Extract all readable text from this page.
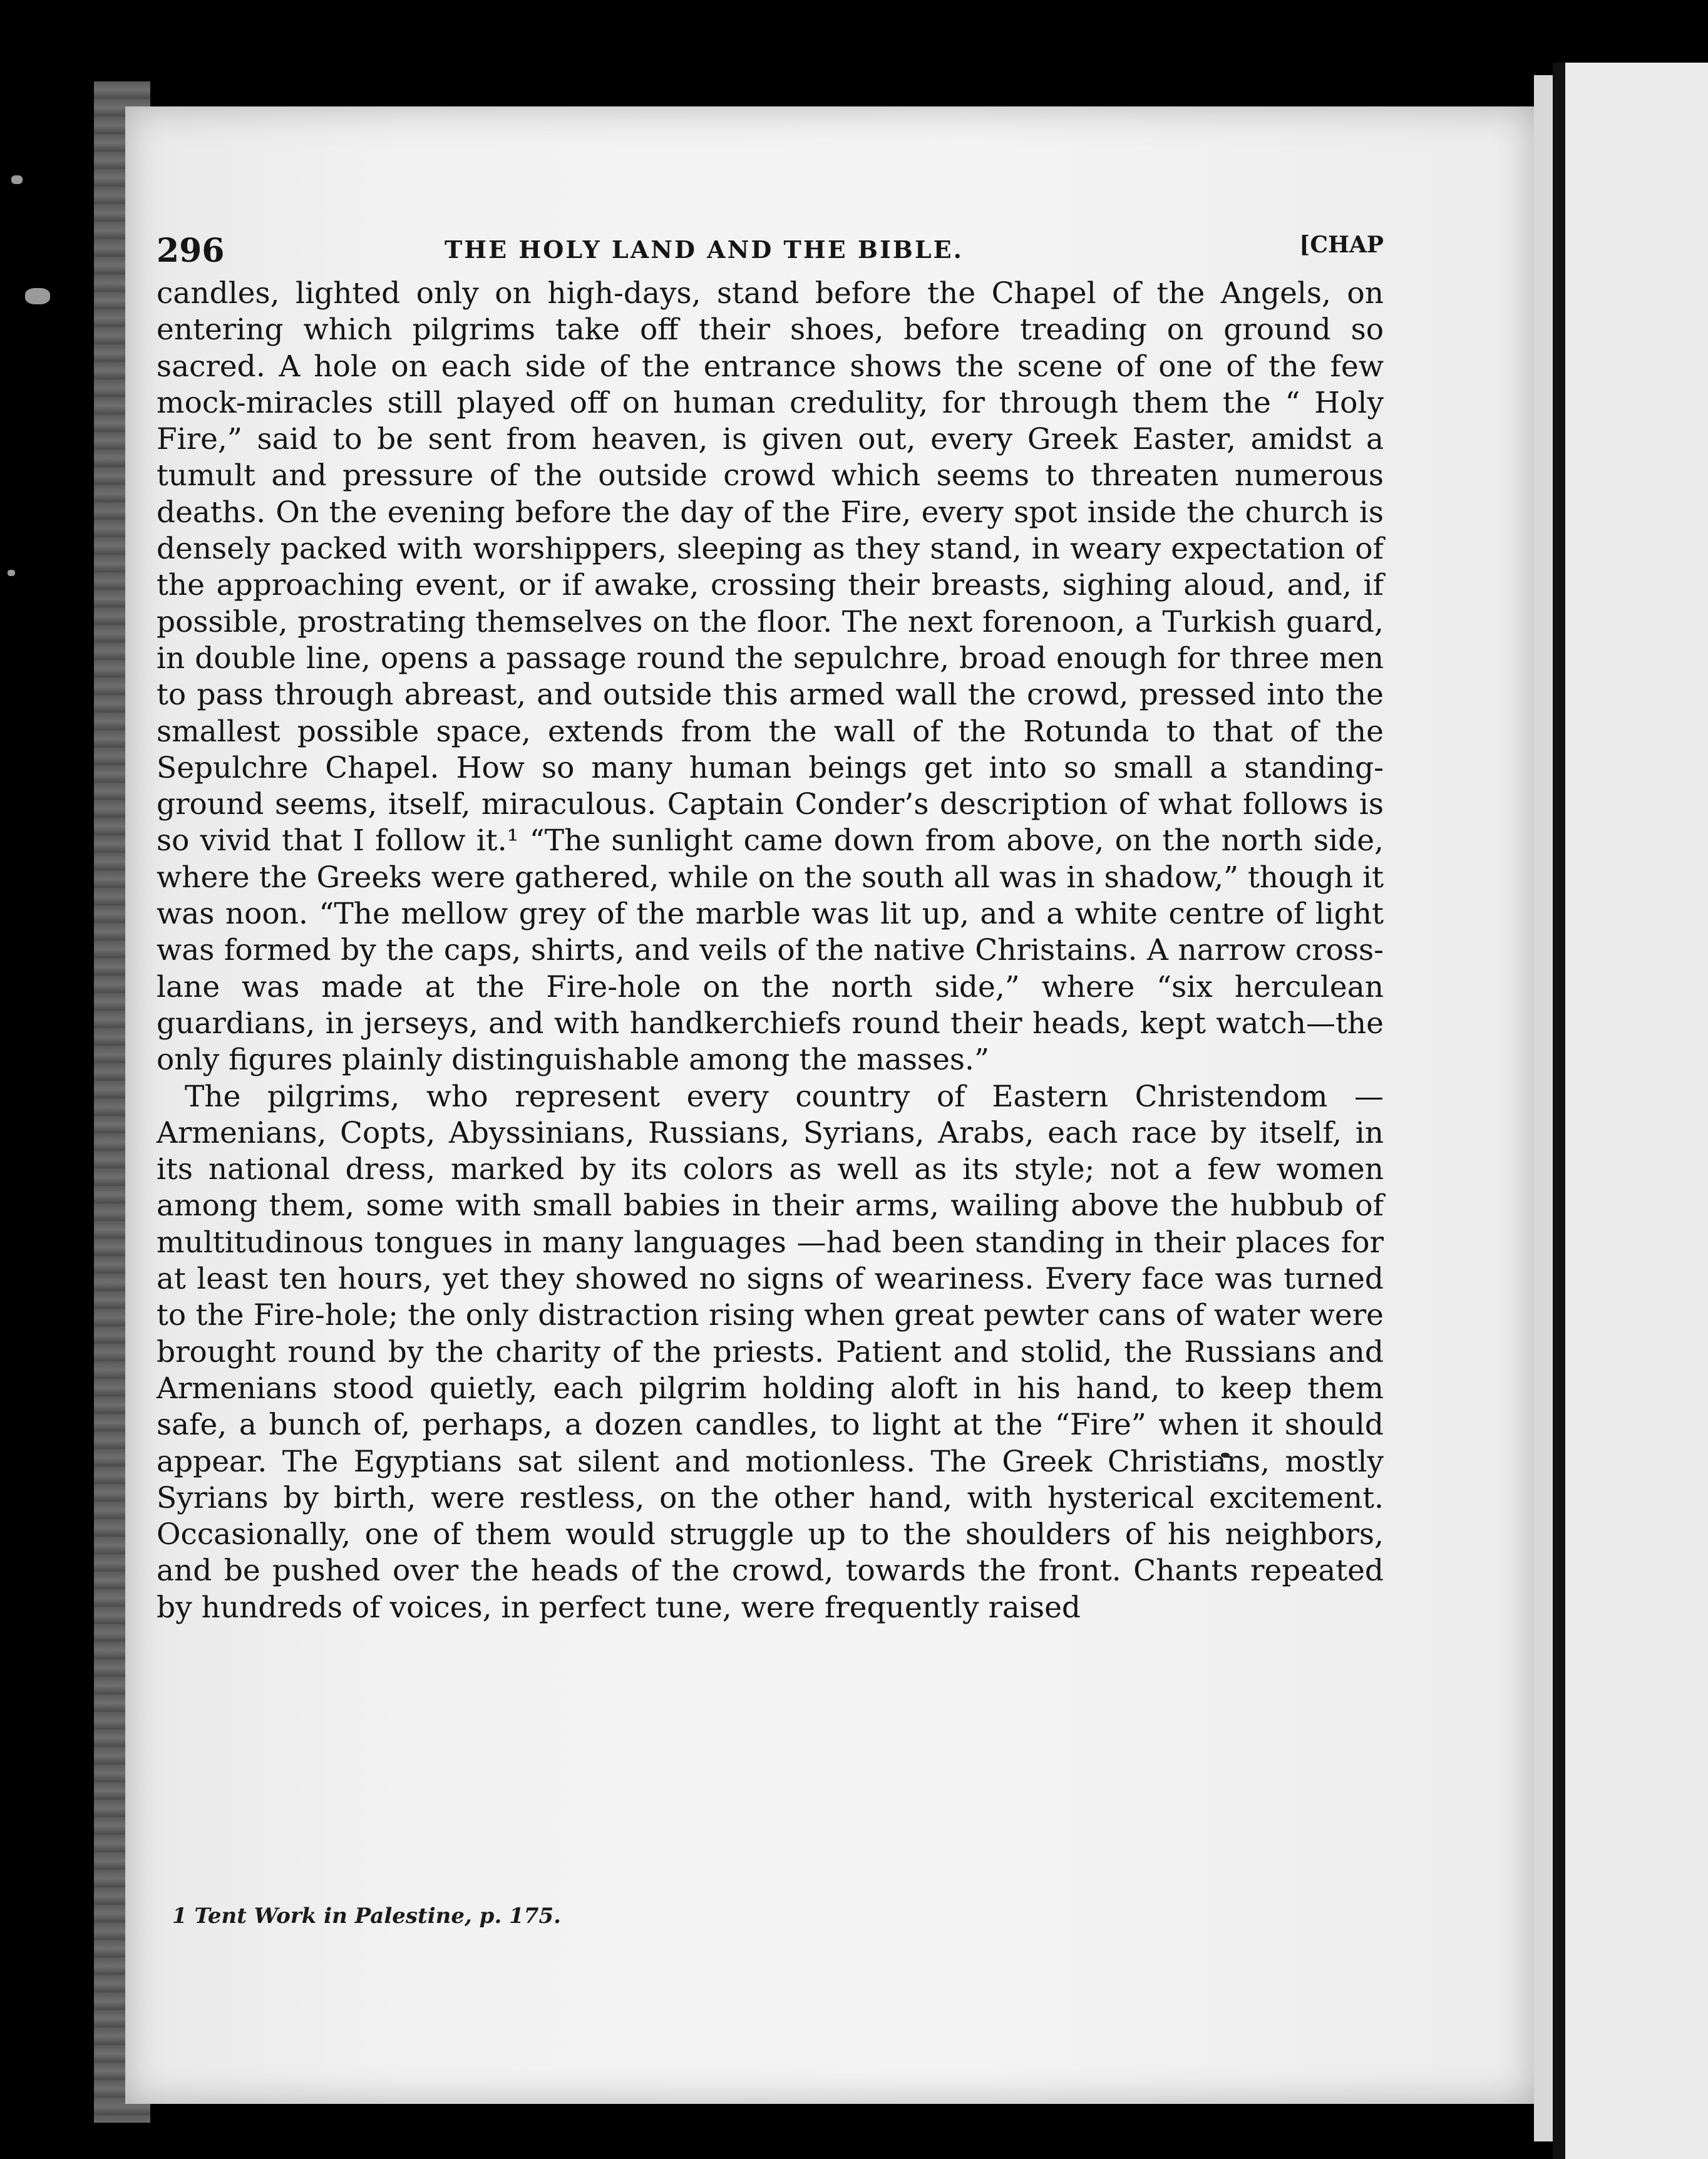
296	THE HOLY LAND AND THE BIBLE.	[CHAP

candles, lighted only on high-days, stand before the Chapel of the Angels, on entering which pilgrims take off their shoes, before treading on ground so sacred. A hole on each side of the entrance shows the scene of one of the few mock-miracles still played off on human credulity, for through them the “ Holy Fire,” said to be sent from heaven, is given out, every Greek Easter, amidst a tumult and pressure of the outside crowd which seems to threaten numerous deaths. On the evening before the day of the Fire, every spot inside the church is densely packed with worshippers, sleeping as they stand, in weary expectation of the approaching event, or if awake, crossing their breasts, sighing aloud, and, if possible, prostrating themselves on the floor. The next forenoon, a Turkish guard, in double line, opens a passage round the sepulchre, broad enough for three men to pass through abreast, and outside this armed wall the crowd, pressed into the smallest possible space, extends from the wall of the Rotunda to that of the Sepulchre Chapel. How so many human beings get into so small a standing-ground seems, itself, miraculous. Captain Conder’s description of what follows is so vivid that I follow it.¹ “The sunlight came down from above, on the north side, where the Greeks were gathered, while on the south all was in shadow,” though it was noon. “The mellow grey of the marble was lit up, and a white centre of light was formed by the caps, shirts, and veils of the native Christains. A narrow cross-lane was made at the Fire-hole on the north side,” where “six herculean guardians, in jerseys, and with handkerchiefs round their heads, kept watch—the only figures plainly distinguishable among the masses.”

The pilgrims, who represent every country of Eastern Christendom —Armenians, Copts, Abyssinians, Russians, Syrians, Arabs, each race by itself, in its national dress, marked by its colors as well as its style; not a few women among them, some with small babies in their arms, wailing above the hubbub of multitudinous tongues in many languages —had been standing in their places for at least ten hours, yet they showed no signs of weariness. Every face was turned to the Fire-hole; the only distraction rising when great pewter cans of water were brought round by the charity of the priests. Patient and stolid, the Russians and Armenians stood quietly, each pilgrim holding aloft in his hand, to keep them safe, a bunch of, perhaps, a dozen candles, to light at the “Fire” when it should appear. The Egyptians sat silent and motionless. The Greek Christians, mostly Syrians by birth, were restless, on the other hand, with hysterical excitement. Occasionally, one of them would struggle up to the shoulders of his neighbors, and be pushed over the heads of the crowd, towards the front. Chants repeated by hundreds of voices, in perfect tune, were frequently raised

1 Tent Work in Palestine, p. 175.
